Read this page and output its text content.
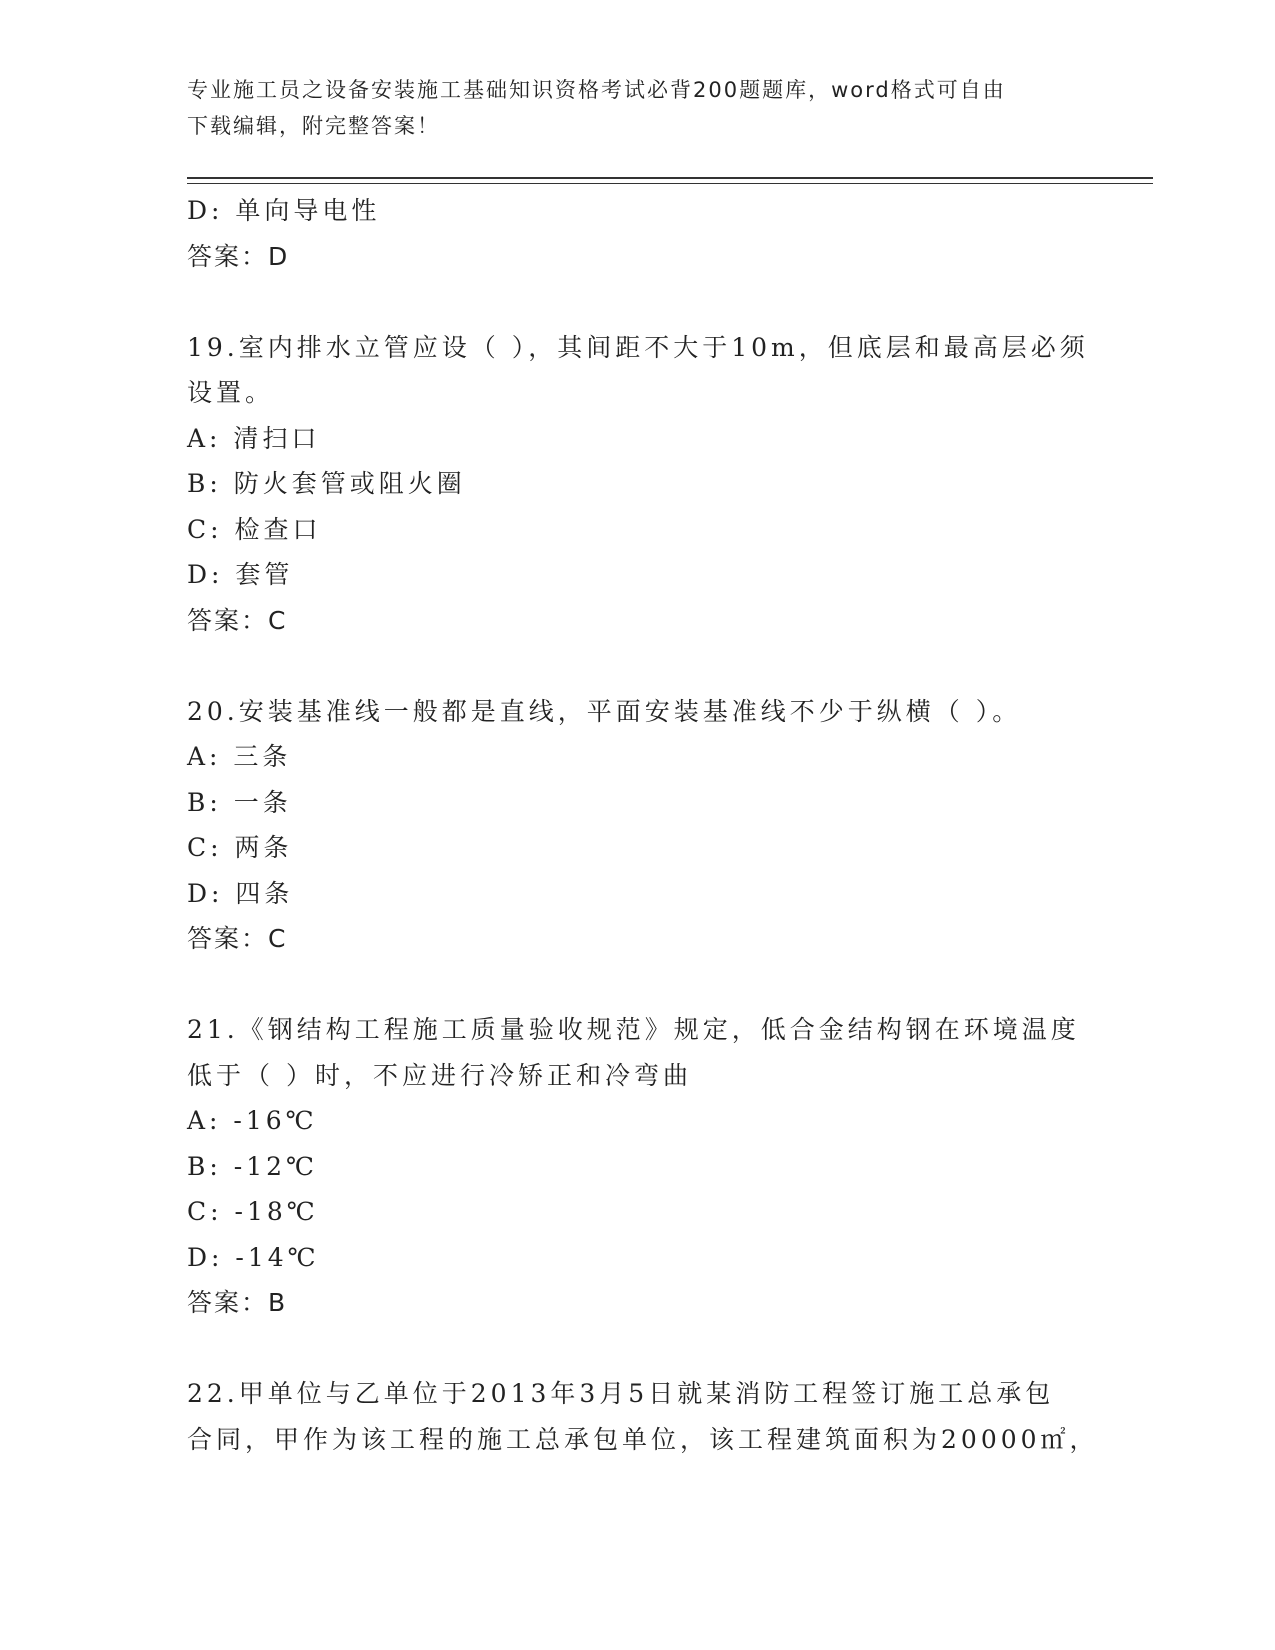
专业施工员之设备安装施工基础知识资格考试必背200题题库，word格式可自由
下载编辑，附完整答案！
D: 单向导电性
答案：D
19.室内排水立管应设（ ），其间距不大于10m，但底层和最高层必须
设置。
A: 清扫口
B: 防火套管或阻火圈
C: 检查口
D: 套管
答案：C
20.安装基准线一般都是直线，平面安装基准线不少于纵横（ ）。
A: 三条
B: 一条
C: 两条
D: 四条
答案：C
21.《钢结构工程施工质量验收规范》规定，低合金结构钢在环境温度
低于（ ）时，不应进行冷矫正和冷弯曲
A: -16℃
B: -12℃
C: -18℃
D: -14℃
答案：B
22.甲单位与乙单位于2013年3月5日就某消防工程签订施工总承包
合同，甲作为该工程的施工总承包单位，该工程建筑面积为20000㎡，
